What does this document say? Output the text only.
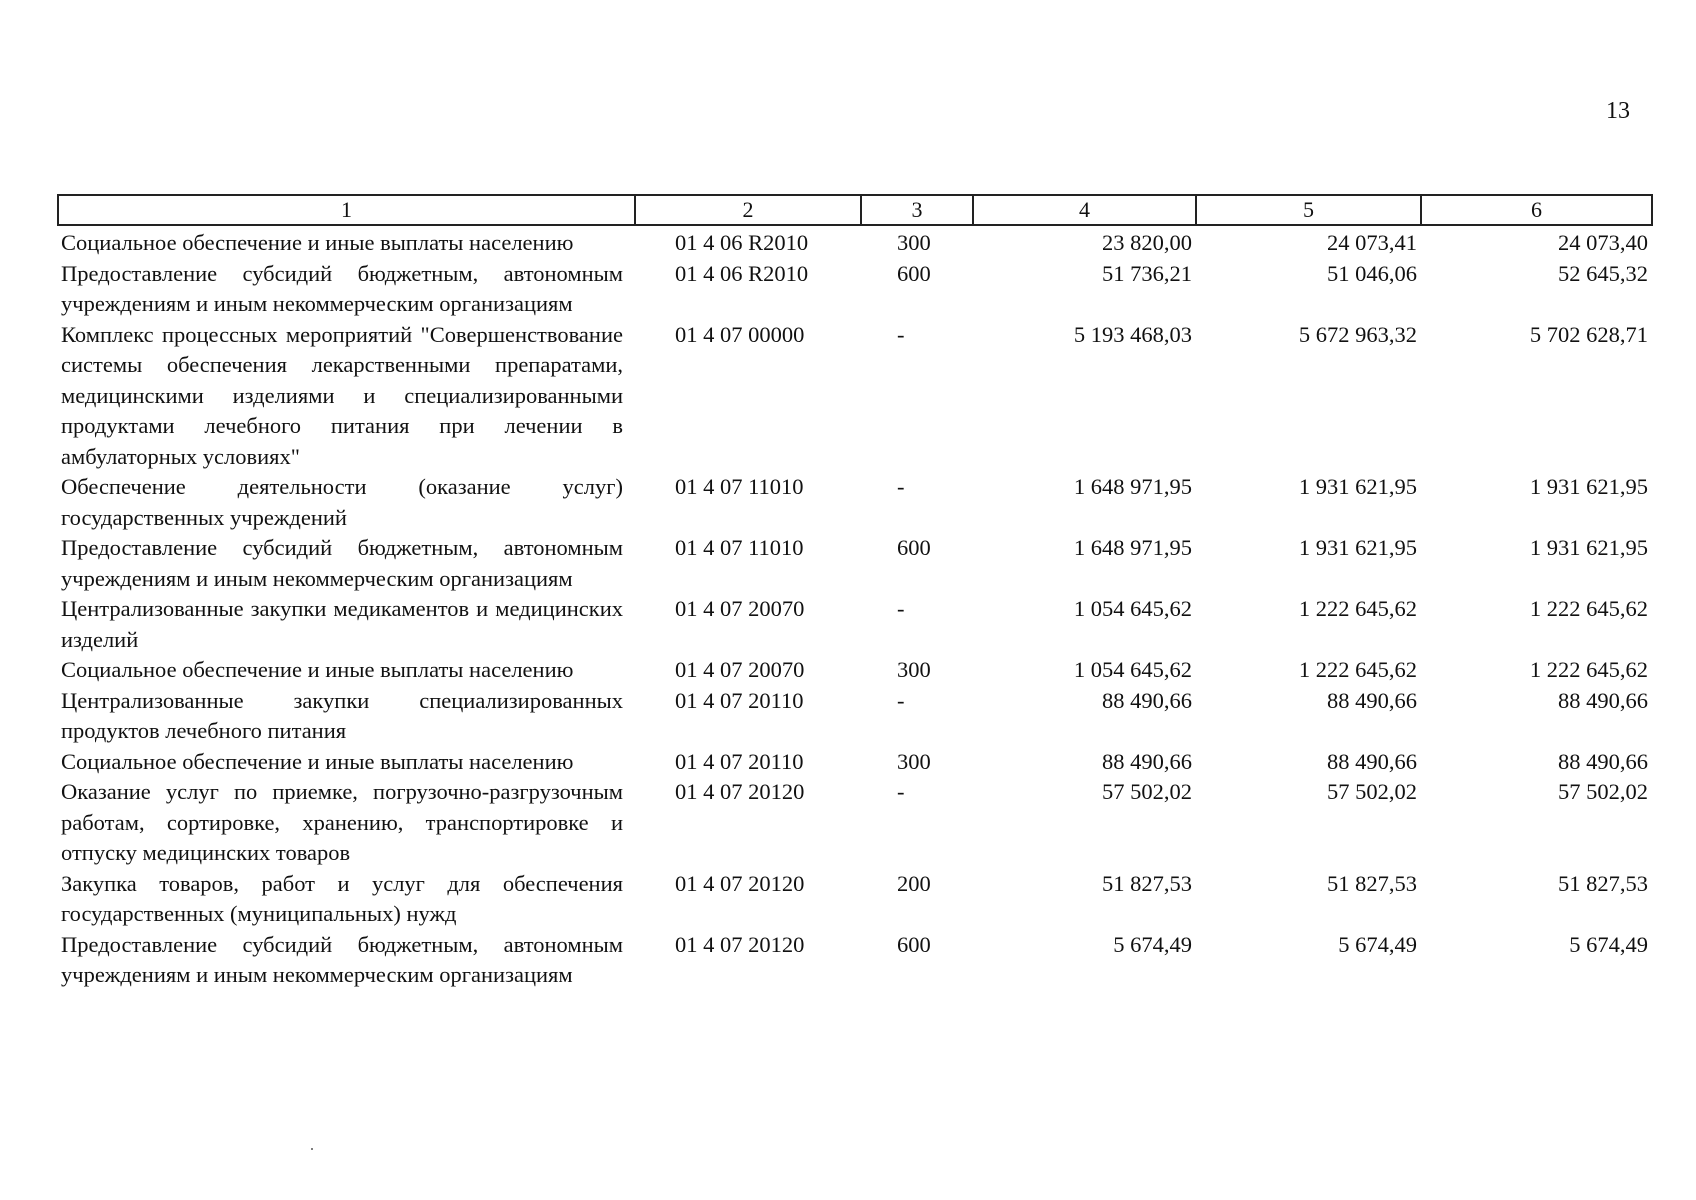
13
1	2	3	4	5	6
Социальное обеспечение и иные выплаты населению	01 4 06 R2010	300	23 820,00	24 073,41	24 073,40
Предоставление субсидий бюджетным, автономным учреждениям и иным некоммерческим организациям	01 4 06 R2010	600	51 736,21	51 046,06	52 645,32
Комплекс процессных мероприятий "Совершенствование системы обеспечения лекарственными препаратами, медицинскими изделиями и специализированными продуктами лечебного питания при лечении в амбулаторных условиях"	01 4 07 00000	-	5 193 468,03	5 672 963,32	5 702 628,71
Обеспечение деятельности (оказание услуг) государственных учреждений	01 4 07 11010	-	1 648 971,95	1 931 621,95	1 931 621,95
Предоставление субсидий бюджетным, автономным учреждениям и иным некоммерческим организациям	01 4 07 11010	600	1 648 971,95	1 931 621,95	1 931 621,95
Централизованные закупки медикаментов и медицинских изделий	01 4 07 20070	-	1 054 645,62	1 222 645,62	1 222 645,62
Социальное обеспечение и иные выплаты населению	01 4 07 20070	300	1 054 645,62	1 222 645,62	1 222 645,62
Централизованные закупки специализированных продуктов лечебного питания	01 4 07 20110	-	88 490,66	88 490,66	88 490,66
Социальное обеспечение и иные выплаты населению	01 4 07 20110	300	88 490,66	88 490,66	88 490,66
Оказание услуг по приемке, погрузочно-разгрузочным работам, сортировке, хранению, транспортировке и отпуску медицинских товаров	01 4 07 20120	-	57 502,02	57 502,02	57 502,02
Закупка товаров, работ и услуг для обеспечения государственных (муниципальных) нужд	01 4 07 20120	200	51 827,53	51 827,53	51 827,53
Предоставление субсидий бюджетным, автономным учреждениям и иным некоммерческим организациям	01 4 07 20120	600	5 674,49	5 674,49	5 674,49
